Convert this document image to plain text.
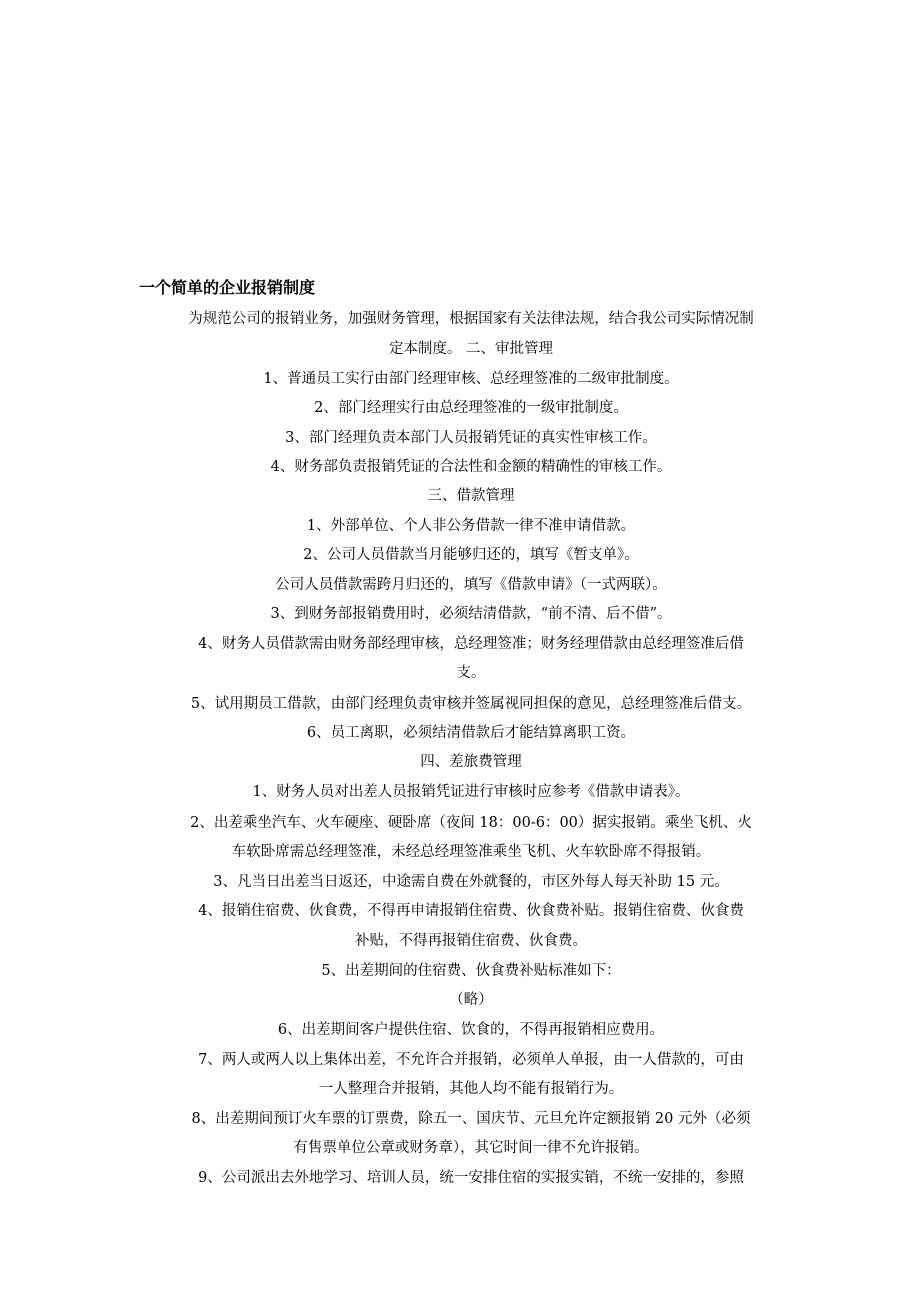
一个简单的企业报销制度
为规范公司的报销业务，加强财务管理，根据国家有关法律法规，结合我公司实际情况制
定本制度。 二、审批管理
1、普通员工实行由部门经理审核、总经理签准的二级审批制度。
2、部门经理实行由总经理签准的一级审批制度。
3、部门经理负责本部门人员报销凭证的真实性审核工作。
4、财务部负责报销凭证的合法性和金额的精确性的审核工作。
三、借款管理
1、外部单位、个人非公务借款一律不准申请借款。
2、公司人员借款当月能够归还的，填写《暂支单》。
公司人员借款需跨月归还的，填写《借款申请》（一式两联）。
3、到财务部报销费用时，必须结清借款，“前不清、后不借”。
4、财务人员借款需由财务部经理审核，总经理签准；财务经理借款由总经理签准后借
支。
5、试用期员工借款，由部门经理负责审核并签属视同担保的意见，总经理签准后借支。
6、员工离职，必须结清借款后才能结算离职工资。
四、差旅费管理
1、财务人员对出差人员报销凭证进行审核时应参考《借款申请表》。
2、出差乘坐汽车、火车硬座、硬卧席（夜间 18：00-6：00）据实报销。乘坐飞机、火
车软卧席需总经理签准，未经总经理签准乘坐飞机、火车软卧席不得报销。
3、凡当日出差当日返还，中途需自费在外就餐的，市区外每人每天补助 15 元。
4、报销住宿费、伙食费，不得再申请报销住宿费、伙食费补贴。报销住宿费、伙食费
补贴，不得再报销住宿费、伙食费。
5、出差期间的住宿费、伙食费补贴标准如下：
（略）
6、出差期间客户提供住宿、饮食的，不得再报销相应费用。
7、两人或两人以上集体出差，不允许合并报销，必须单人单报，由一人借款的，可由
一人整理合并报销，其他人均不能有报销行为。
8、出差期间预订火车票的订票费，除五一、国庆节、元旦允许定额报销 20 元外（必须
有售票单位公章或财务章），其它时间一律不允许报销。
9、公司派出去外地学习、培训人员，统一安排住宿的实报实销，不统一安排的，参照
